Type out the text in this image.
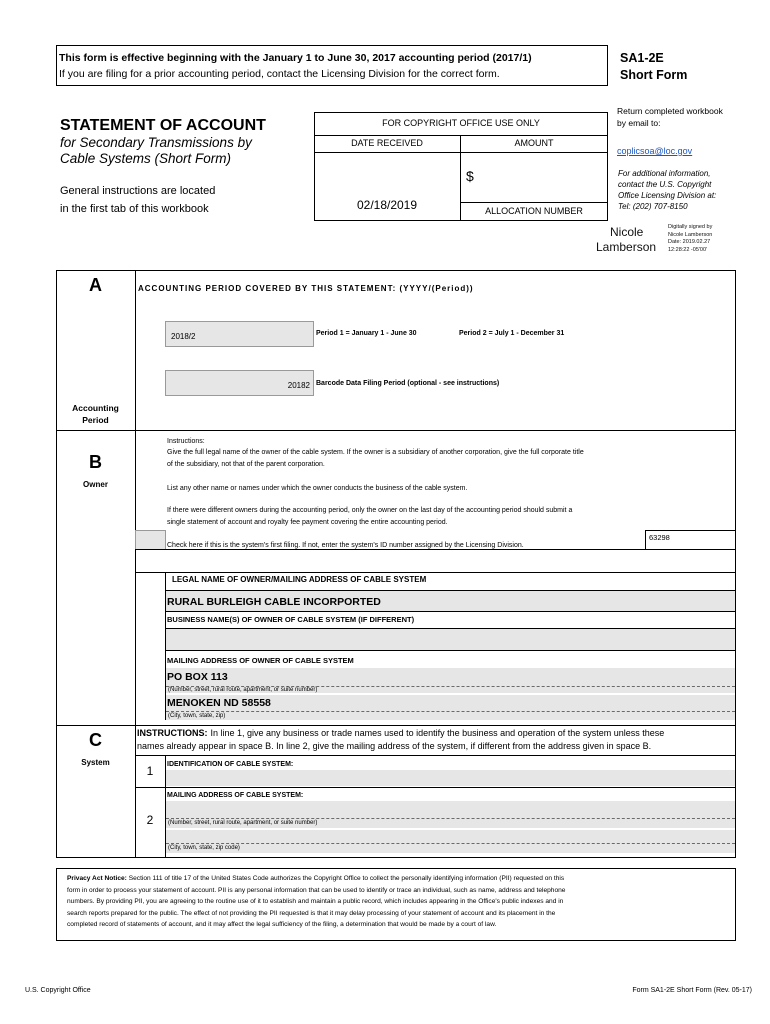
This form is effective beginning with the January 1 to June 30, 2017 accounting period (2017/1)
If you are filing for a prior accounting period, contact the Licensing Division for the correct form.
SA1-2E
Short Form
STATEMENT OF ACCOUNT
for Secondary Transmissions by
Cable Systems (Short Form)
General instructions are located
in the first tab of this workbook
FOR COPYRIGHT OFFICE USE ONLY
DATE RECEIVED	AMOUNT
02/18/2019
$
ALLOCATION NUMBER
Return completed workbook
by email to:
coplicsoa@loc.gov
For additional information,
contact the U.S. Copyright
Office Licensing Division at:
Tel: (202) 707-8150
Nicole
Lamberson
Digitally signed by
Nicole Lamberson
Date: 2019.02.27
12:28:22 -05'00'
A	ACCOUNTING PERIOD COVERED BY THIS STATEMENT: (YYYY/(Period))
2018/2	Period 1 = January 1 - June 30	Period 2 = July 1 - December 31
20182 Barcode Data Filing Period (optional - see instructions)
Accounting
Period
B
Owner
Instructions:
Give the full legal name of the owner of the cable system. If the owner is a subsidiary of another corporation, give the full corporate title
of the subsidiary, not that of the parent corporation.
List any other name or names under which the owner conducts the business of the cable system.
If there were different owners during the accounting period, only the owner on the last day of the accounting period should submit a
single statement of account and royalty fee payment covering the entire accounting period.
Check here if this is the system's first filing. If not, enter the system's ID number assigned by the Licensing Division.
63298
LEGAL NAME OF OWNER/MAILING ADDRESS OF CABLE SYSTEM
RURAL BURLEIGH CABLE INCORPORTED
BUSINESS NAME(S) OF OWNER OF CABLE SYSTEM (IF DIFFERENT)
MAILING ADDRESS OF OWNER OF CABLE SYSTEM
PO BOX 113
(Number, street, rural route, apartment, or suite number)
MENOKEN ND 58558
(City, town, state, zip)
C
System
INSTRUCTIONS: In line 1, give any business or trade names used to identify the business and operation of the system unless these
names already appear in space B. In line 2, give the mailing address of the system, if different from the address given in space B.
1	IDENTIFICATION OF CABLE SYSTEM:
2
MAILING ADDRESS OF CABLE SYSTEM:
(Number, street, rural route, apartment, or suite number)
(City, town, state, zip code)
Privacy Act Notice: Section 111 of title 17 of the United States Code authorizes the Copyright Office to collect the personally identifying information (PII) requested on this
form in order to process your statement of account. PII is any personal information that can be used to identify or trace an individual, such as name, address and telephone
numbers. By providing PII, you are agreeing to the routine use of it to establish and maintain a public record, which includes appearing in the Office's public indexes and in
search reports prepared for the public. The effect of not providing the PII requested is that it may delay processing of your statement of account and its placement in the
completed record of statements of account, and it may affect the legal sufficiency of the filing, a determination that would be made by a court of law.
U.S. Copyright Office	Form SA1-2E Short Form (Rev. 05-17)
